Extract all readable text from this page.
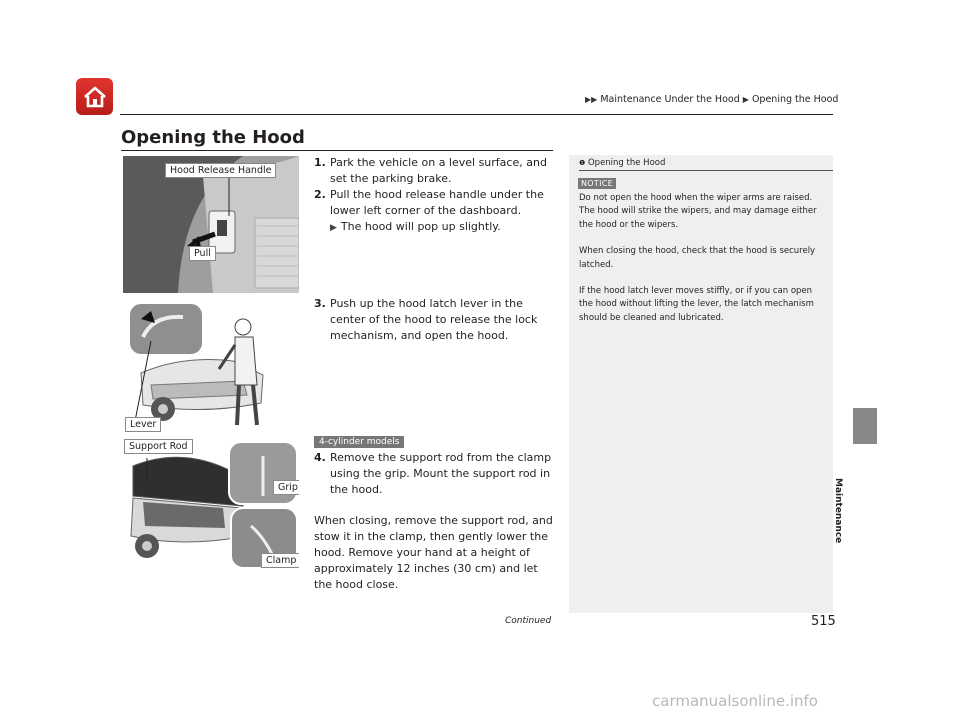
▶▶ Maintenance Under the Hood ▶ Opening the Hood
Opening the Hood
Hood Release Handle
Pull
Lever
Support Rod
Grip
Clamp

1. Park the vehicle on a level surface, and set the parking brake.

2. Pull the hood release handle under the lower left corner of the dashboard.

▶ The hood will pop up slightly.

3. Push up the hood latch lever in the center of the hood to release the lock mechanism, and open the hood.

4-cylinder models

4. Remove the support rod from the clamp using the grip. Mount the support rod in the hood.

When closing, remove the support rod, and stow it in the clamp, then gently lower the hood. Remove your hand at a height of approximately 12 inches (30 cm) and let the hood close.
❶ Opening the Hood
NOTICE

Do not open the hood when the wiper arms are raised. The hood will strike the wipers, and may damage either the hood or the wipers.

When closing the hood, check that the hood is securely latched.

If the hood latch lever moves stiffly, or if you can open the hood without lifting the lever, the latch mechanism should be cleaned and lubricated.

Maintenance
Continued	515
carmanualsonline.info
